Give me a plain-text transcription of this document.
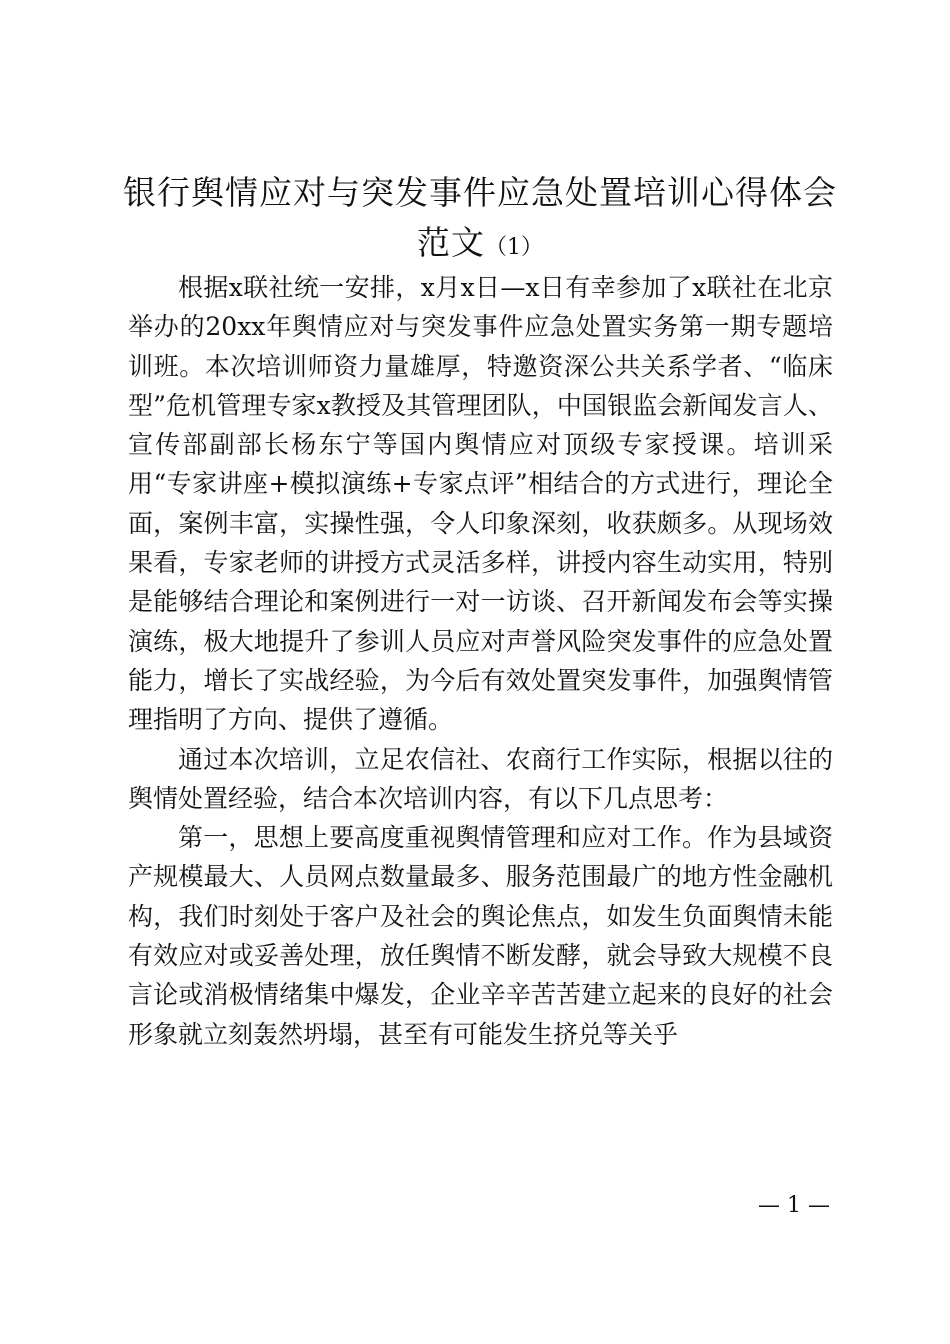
银行舆情应对与突发事件应急处置培训心得体会范文（1）

根据x联社统一安排，x月x日—x日有幸参加了x联社在北京举办的20xx年舆情应对与突发事件应急处置实务第一期专题培训班。本次培训师资力量雄厚，特邀资深公共关系学者、“临床型”危机管理专家x教授及其管理团队，中国银监会新闻发言人、宣传部副部长杨东宁等国内舆情应对顶级专家授课。培训采用“专家讲座+模拟演练+专家点评”相结合的方式进行，理论全面，案例丰富，实操性强，令人印象深刻，收获颇多。从现场效果看，专家老师的讲授方式灵活多样，讲授内容生动实用，特别是能够结合理论和案例进行一对一访谈、召开新闻发布会等实操演练，极大地提升了参训人员应对声誉风险突发事件的应急处置能力，增长了实战经验，为今后有效处置突发事件，加强舆情管理指明了方向、提供了遵循。

通过本次培训，立足农信社、农商行工作实际，根据以往的舆情处置经验，结合本次培训内容，有以下几点思考：

第一，思想上要高度重视舆情管理和应对工作。作为县域资产规模最大、人员网点数量最多、服务范围最广的地方性金融机构，我们时刻处于客户及社会的舆论焦点，如发生负面舆情未能有效应对或妥善处理，放任舆情不断发酵，就会导致大规模不良言论或消极情绪集中爆发，企业辛辛苦苦建立起来的良好的社会形象就立刻轰然坍塌，甚至有可能发生挤兑等关乎

— 1 —
